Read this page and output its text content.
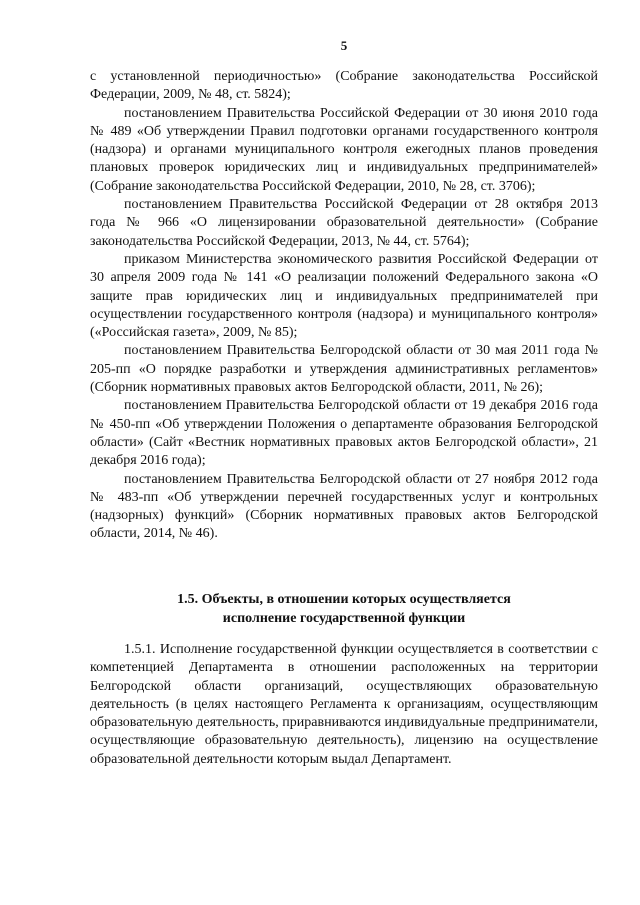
5

с установленной периодичностью» (Собрание законодательства Российской Федерации, 2009, № 48, ст. 5824);

постановлением Правительства Российской Федерации от 30 июня 2010 года № 489 «Об утверждении Правил подготовки органами государственного контроля (надзора) и органами муниципального контроля ежегодных планов проведения плановых проверок юридических лиц и индивидуальных предпринимателей» (Собрание законодательства Российской Федерации, 2010, № 28, ст. 3706);

постановлением Правительства Российской Федерации от 28 октября 2013 года № 966 «О лицензировании образовательной деятельности» (Собрание законодательства Российской Федерации, 2013, № 44, ст. 5764);

приказом Министерства экономического развития Российской Федерации от 30 апреля 2009 года № 141 «О реализации положений Федерального закона «О защите прав юридических лиц и индивидуальных предпринимателей при осуществлении государственного контроля (надзора) и муниципального контроля» («Российская газета», 2009, № 85);

постановлением Правительства Белгородской области от 30 мая 2011 года № 205-пп «О порядке разработки и утверждения административных регламентов» (Сборник нормативных правовых актов Белгородской области, 2011, № 26);

постановлением Правительства Белгородской области от 19 декабря 2016 года № 450-пп «Об утверждении Положения о департаменте образования Белгородской области» (Сайт «Вестник нормативных правовых актов Белгородской области», 21 декабря 2016 года);

постановлением Правительства Белгородской области от 27 ноября 2012 года № 483-пп «Об утверждении перечней государственных услуг и контрольных (надзорных) функций» (Сборник нормативных правовых актов Белгородской области, 2014, № 46).

1.5. Объекты, в отношении которых осуществляется
исполнение государственной функции

1.5.1. Исполнение государственной функции осуществляется в соответствии с компетенцией Департамента в отношении расположенных на территории Белгородской области организаций, осуществляющих образовательную деятельность (в целях настоящего Регламента к организациям, осуществляющим образовательную деятельность, приравниваются индивидуальные предприниматели, осуществляющие образовательную деятельность), лицензию на осуществление образовательной деятельности которым выдал Департамент.
